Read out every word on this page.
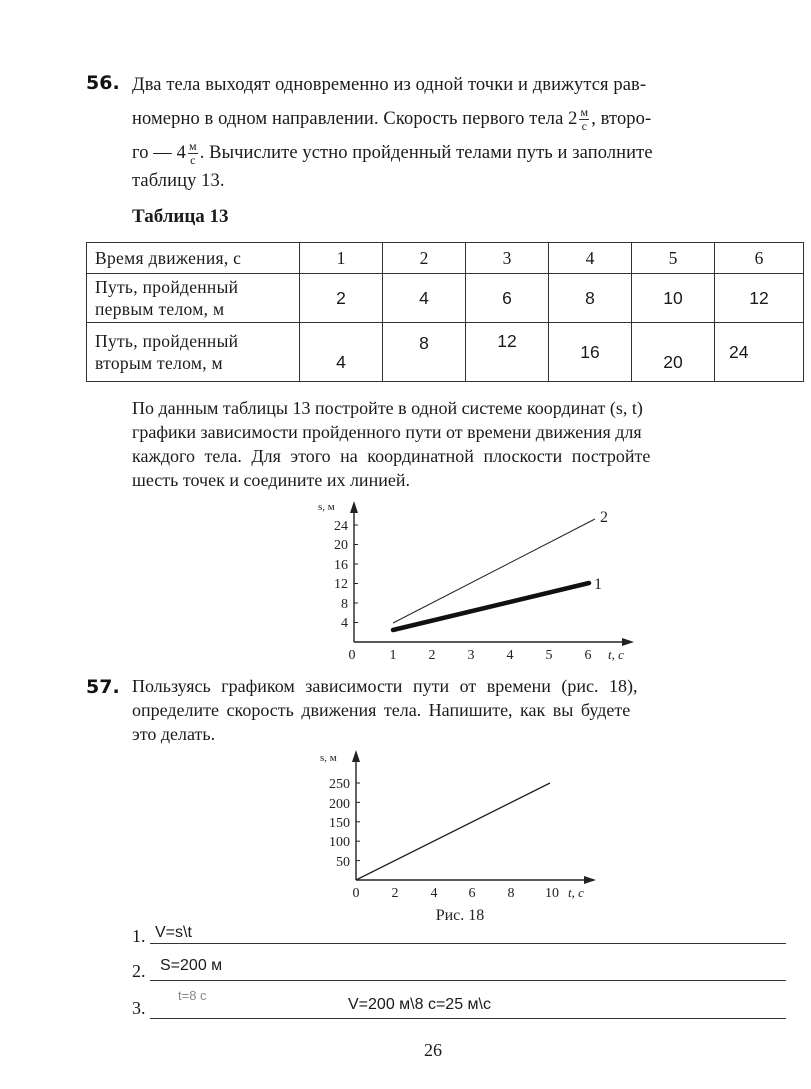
56. Два тела выходят одновременно из одной точки и движутся рав-
номерно в одном направлении. Скорость первого тела $2 \frac{м}{с}$ , второ-
го — $4 \frac{м}{с}$ . Вычислите устно пройденный телами путь и заполните
таблицу 13.
Таблица 13
Время движения, с	1	2	3	4	5	6

Путь, пройденный
первым телом, м	2	4	6	8	10	12

Путь, пройденный
вторым телом, м	4	8	12	16	20	24
По данным таблицы 13 постройте в одной системе координат (s, t)
графики зависимости пройденного пути от времени движения для
каждого тела. Для этого на координатной плоскости постройте
шесть точек и соедините их линией.
s, м
t, с
4
8
12
16
20
24
0 1 2 3 4 5 6
2
1
57. Пользуясь графиком зависимости пути от времени (рис. 18),
определите скорость движения тела. Напишите, как вы будете
это делать.
s, м
t, с
50
100
150
200
250
0 2 4 6 8 10
Рис. 18
1. V=s\t
2. S=200 м
t=8 с
3.	V=200 м\8 с=25 м\с
26
